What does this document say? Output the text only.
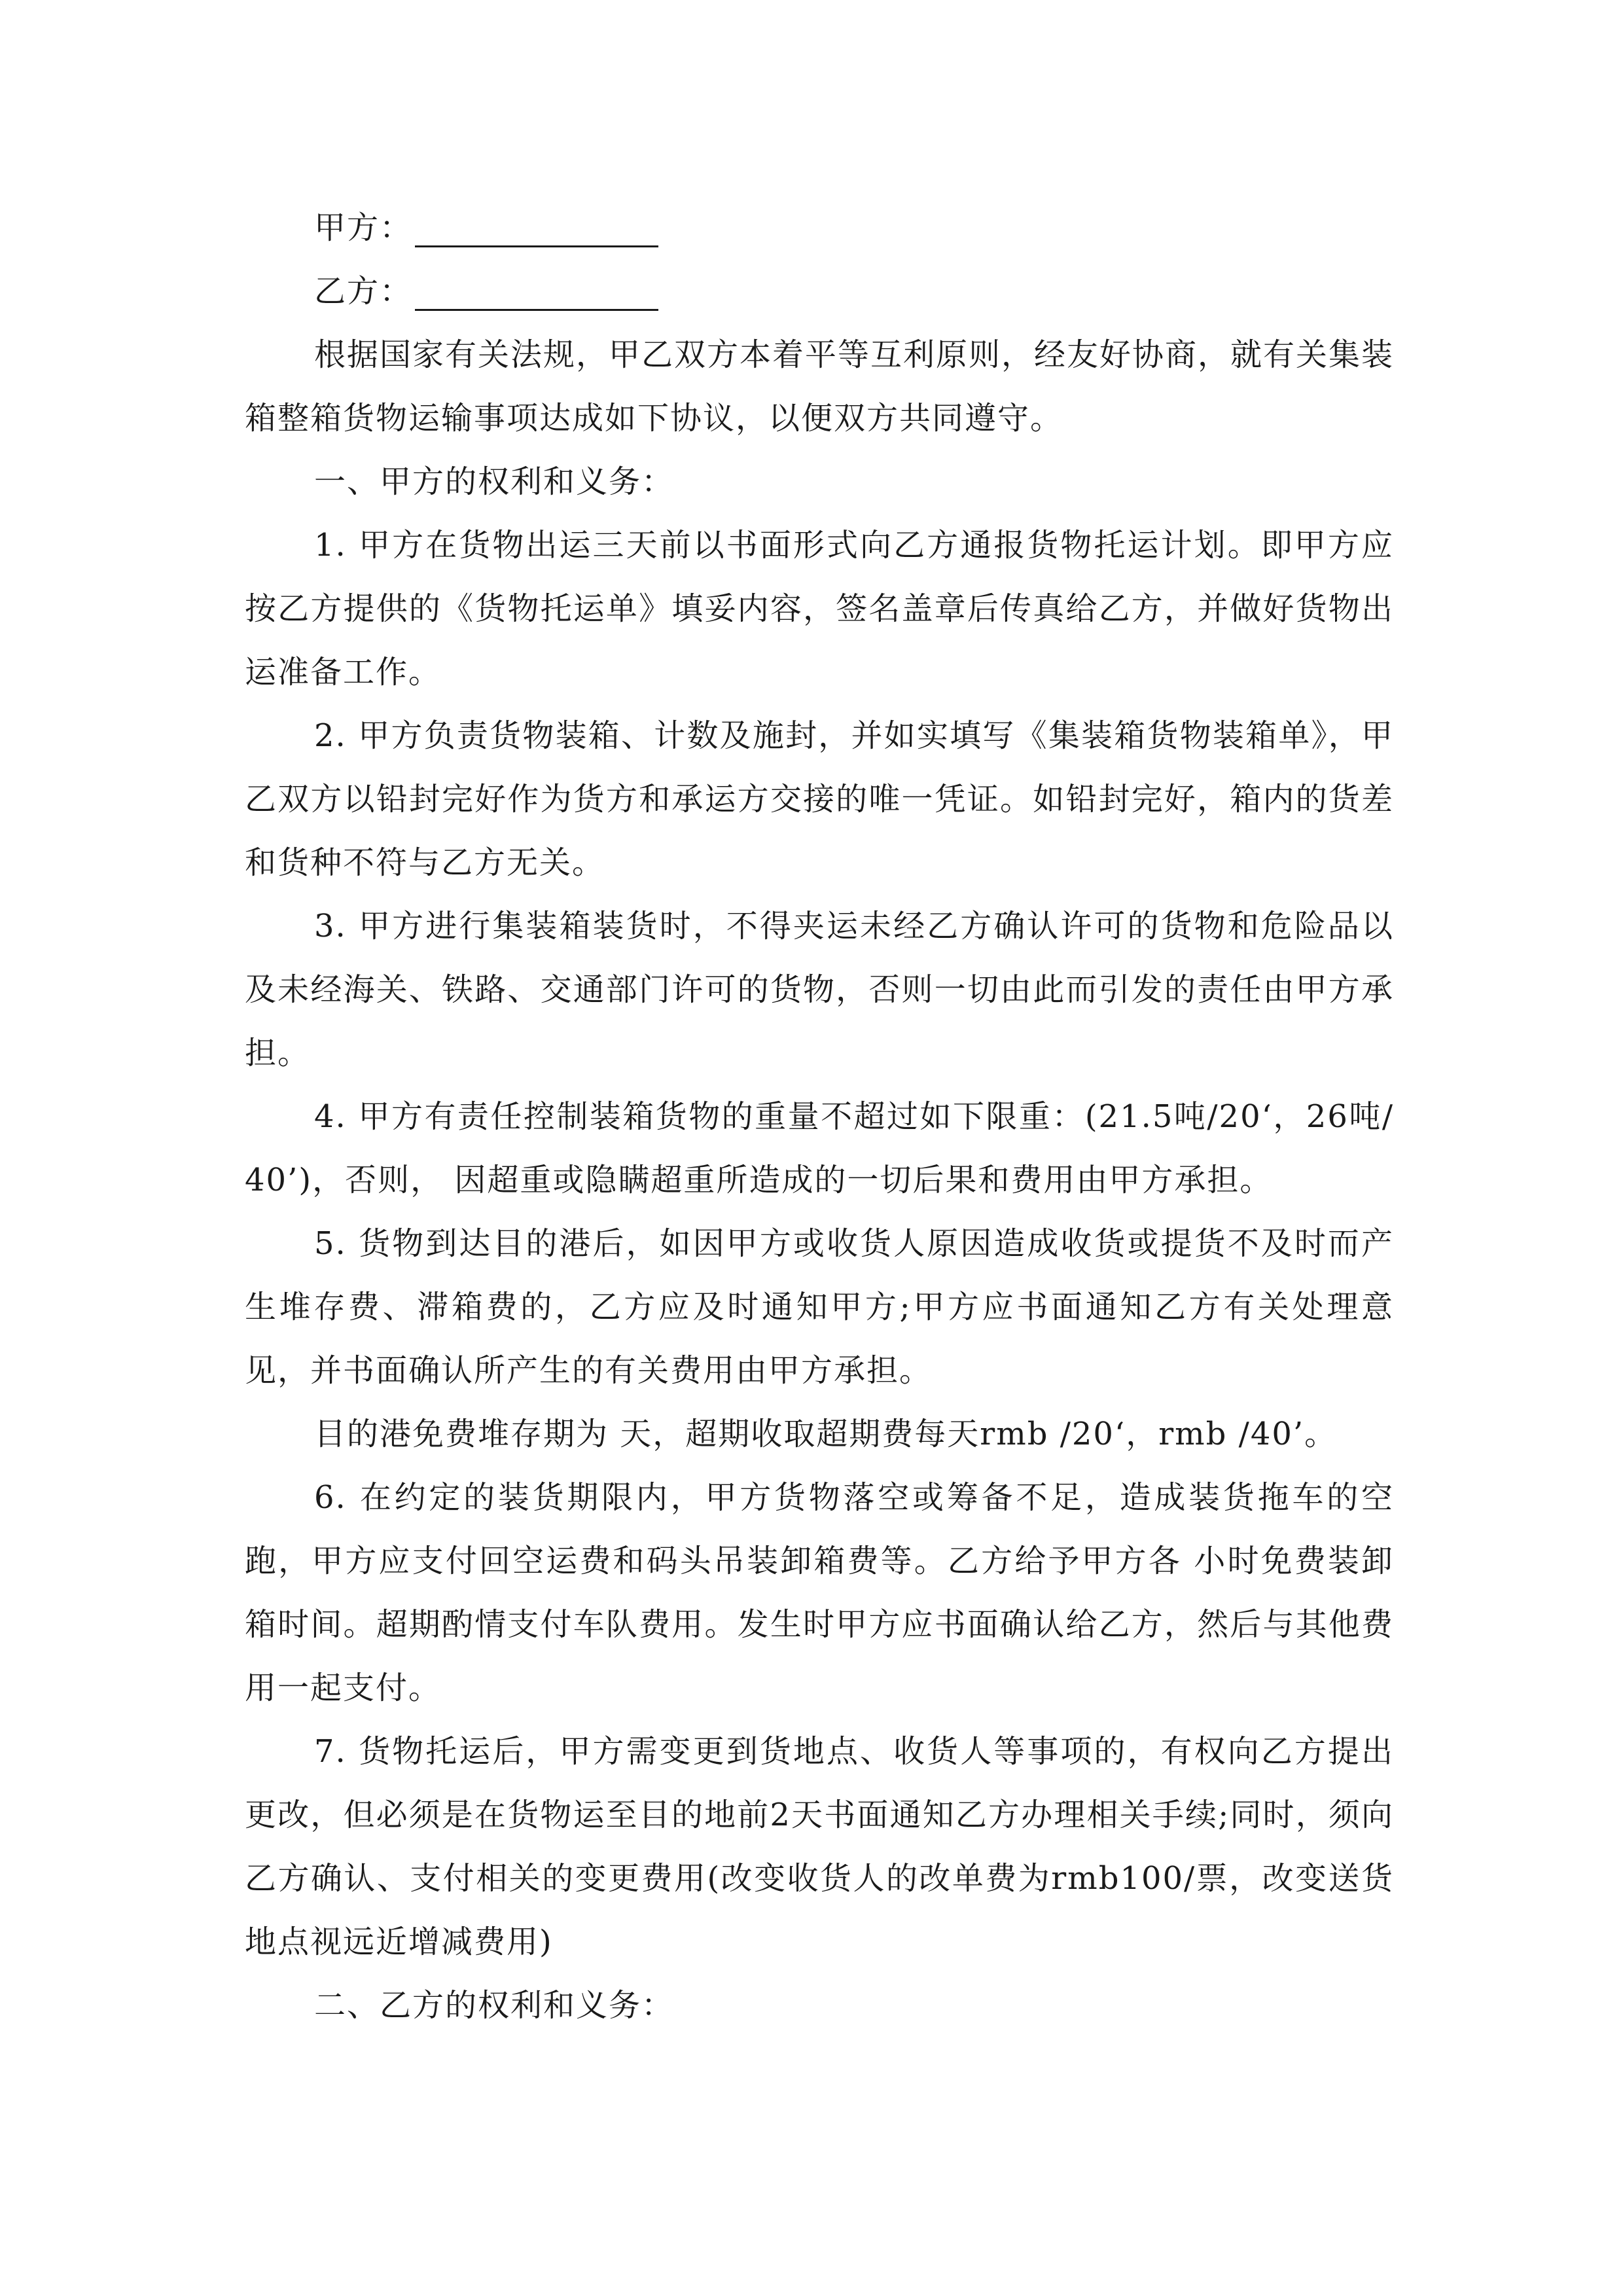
甲方：

乙方：

根据国家有关法规，甲乙双方本着平等互利原则，经友好协商，就有关集装箱整箱货物运输事项达成如下协议，以便双方共同遵守。

一、甲方的权利和义务：

1. 甲方在货物出运三天前以书面形式向乙方通报货物托运计划。即甲方应按乙方提供的《货物托运单》填妥内容，签名盖章后传真给乙方，并做好货物出运准备工作。

2. 甲方负责货物装箱、计数及施封，并如实填写《集装箱货物装箱单》，甲乙双方以铅封完好作为货方和承运方交接的唯一凭证。如铅封完好，箱内的货差和货种不符与乙方无关。

3. 甲方进行集装箱装货时，不得夹运未经乙方确认许可的货物和危险品以及未经海关、铁路、交通部门许可的货物，否则一切由此而引发的责任由甲方承担。

4. 甲方有责任控制装箱货物的重量不超过如下限重：(21.5吨/20‘，26吨/40’)，否则， 因超重或隐瞒超重所造成的一切后果和费用由甲方承担。

5. 货物到达目的港后，如因甲方或收货人原因造成收货或提货不及时而产生堆存费、滞箱费的，乙方应及时通知甲方;甲方应书面通知乙方有关处理意见，并书面确认所产生的有关费用由甲方承担。

目的港免费堆存期为 天，超期收取超期费每天rmb /20‘，rmb /40’。

6. 在约定的装货期限内，甲方货物落空或筹备不足，造成装货拖车的空跑，甲方应支付回空运费和码头吊装卸箱费等。乙方给予甲方各 小时免费装卸箱时间。超期酌情支付车队费用。发生时甲方应书面确认给乙方，然后与其他费用一起支付。

7. 货物托运后，甲方需变更到货地点、收货人等事项的，有权向乙方提出更改，但必须是在货物运至目的地前2天书面通知乙方办理相关手续;同时，须向乙方确认、支付相关的变更费用(改变收货人的改单费为rmb100/票，改变送货地点视远近增减费用)

二、乙方的权利和义务：
